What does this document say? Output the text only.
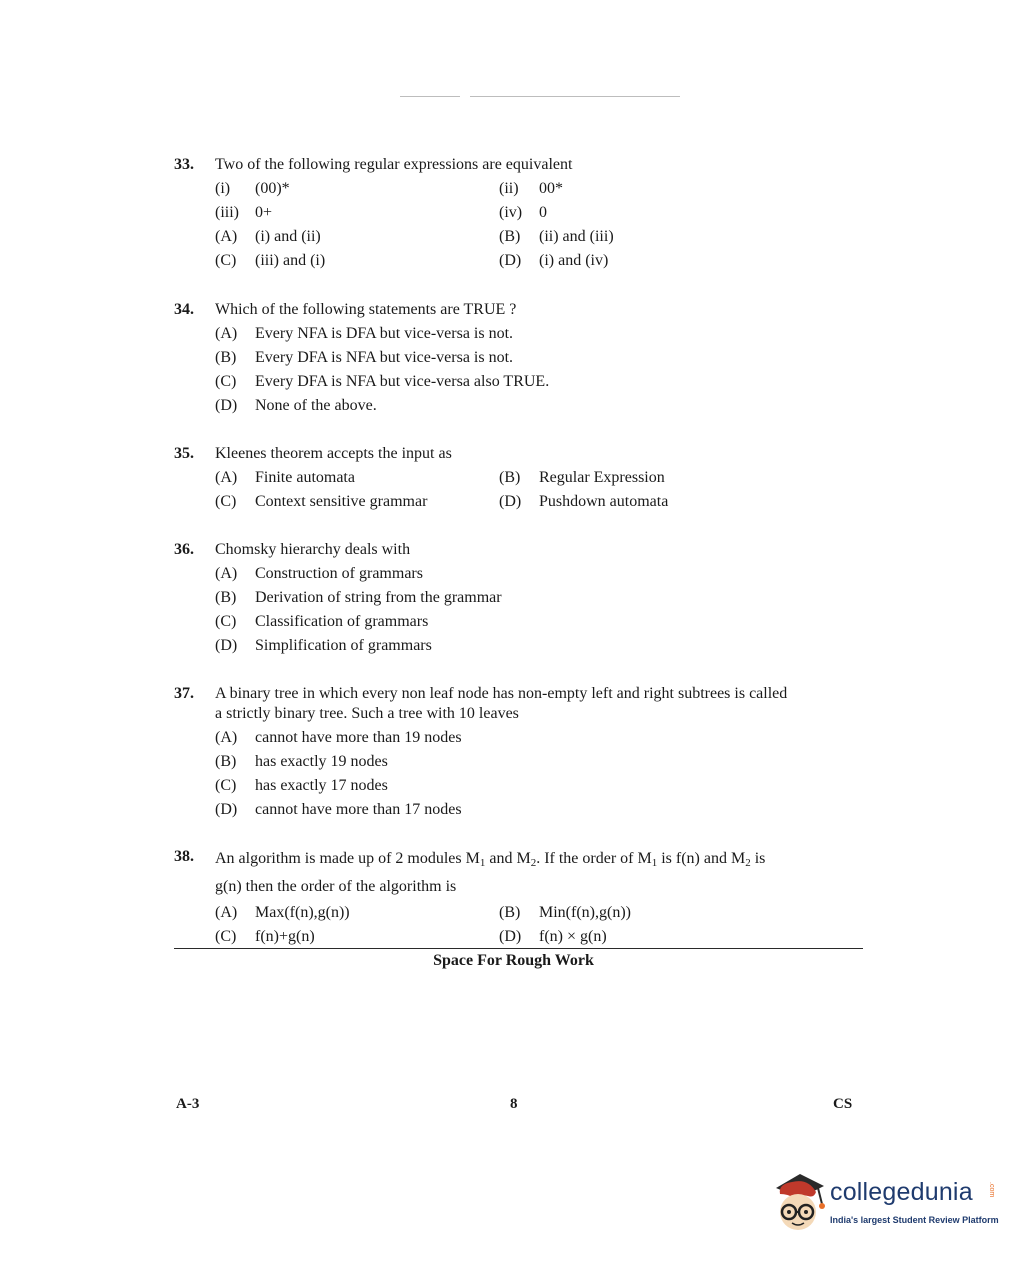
33.	Two of the following regular expressions are equivalent
(i)	(00)*	(ii)	00*
(iii)	0+	(iv)	0
(A)	(i) and (ii)	(B)	(ii) and (iii)
(C)	(iii) and (i)	(D)	(i) and (iv)
34.	Which of the following statements are TRUE ?
(A)	Every NFA is DFA but vice-versa is not.
(B)	Every DFA is NFA but vice-versa is not.
(C)	Every DFA is NFA but vice-versa also TRUE.
(D)	None of the above.
35.	Kleenes theorem accepts the input as
(A)	Finite automata	(B)	Regular Expression
(C)	Context sensitive grammar	(D)	Pushdown automata
36.	Chomsky hierarchy deals with
(A)	Construction of grammars
(B)	Derivation of string from the grammar
(C)	Classification of grammars
(D)	Simplification of grammars
37.	A binary tree in which every non leaf node has non-empty left and right subtrees is called
a strictly binary tree. Such a tree with 10 leaves
(A)	cannot have more than 19 nodes
(B)	has exactly 19 nodes
(C)	has exactly 17 nodes
(D)	cannot have more than 17 nodes
38.	An algorithm is made up of 2 modules $M_1$ and $M_2$. If the order of $M_1$ is f(n) and $M_2$ is
g(n) then the order of the algorithm is
(A)	Max(f(n),g(n))	(B)	Min(f(n),g(n))
(C)	f(n)+g(n)	(D)	f(n) × g(n)
Space For Rough Work
A-3	8	CS
collegedunia .com
India's largest Student Review Platform
